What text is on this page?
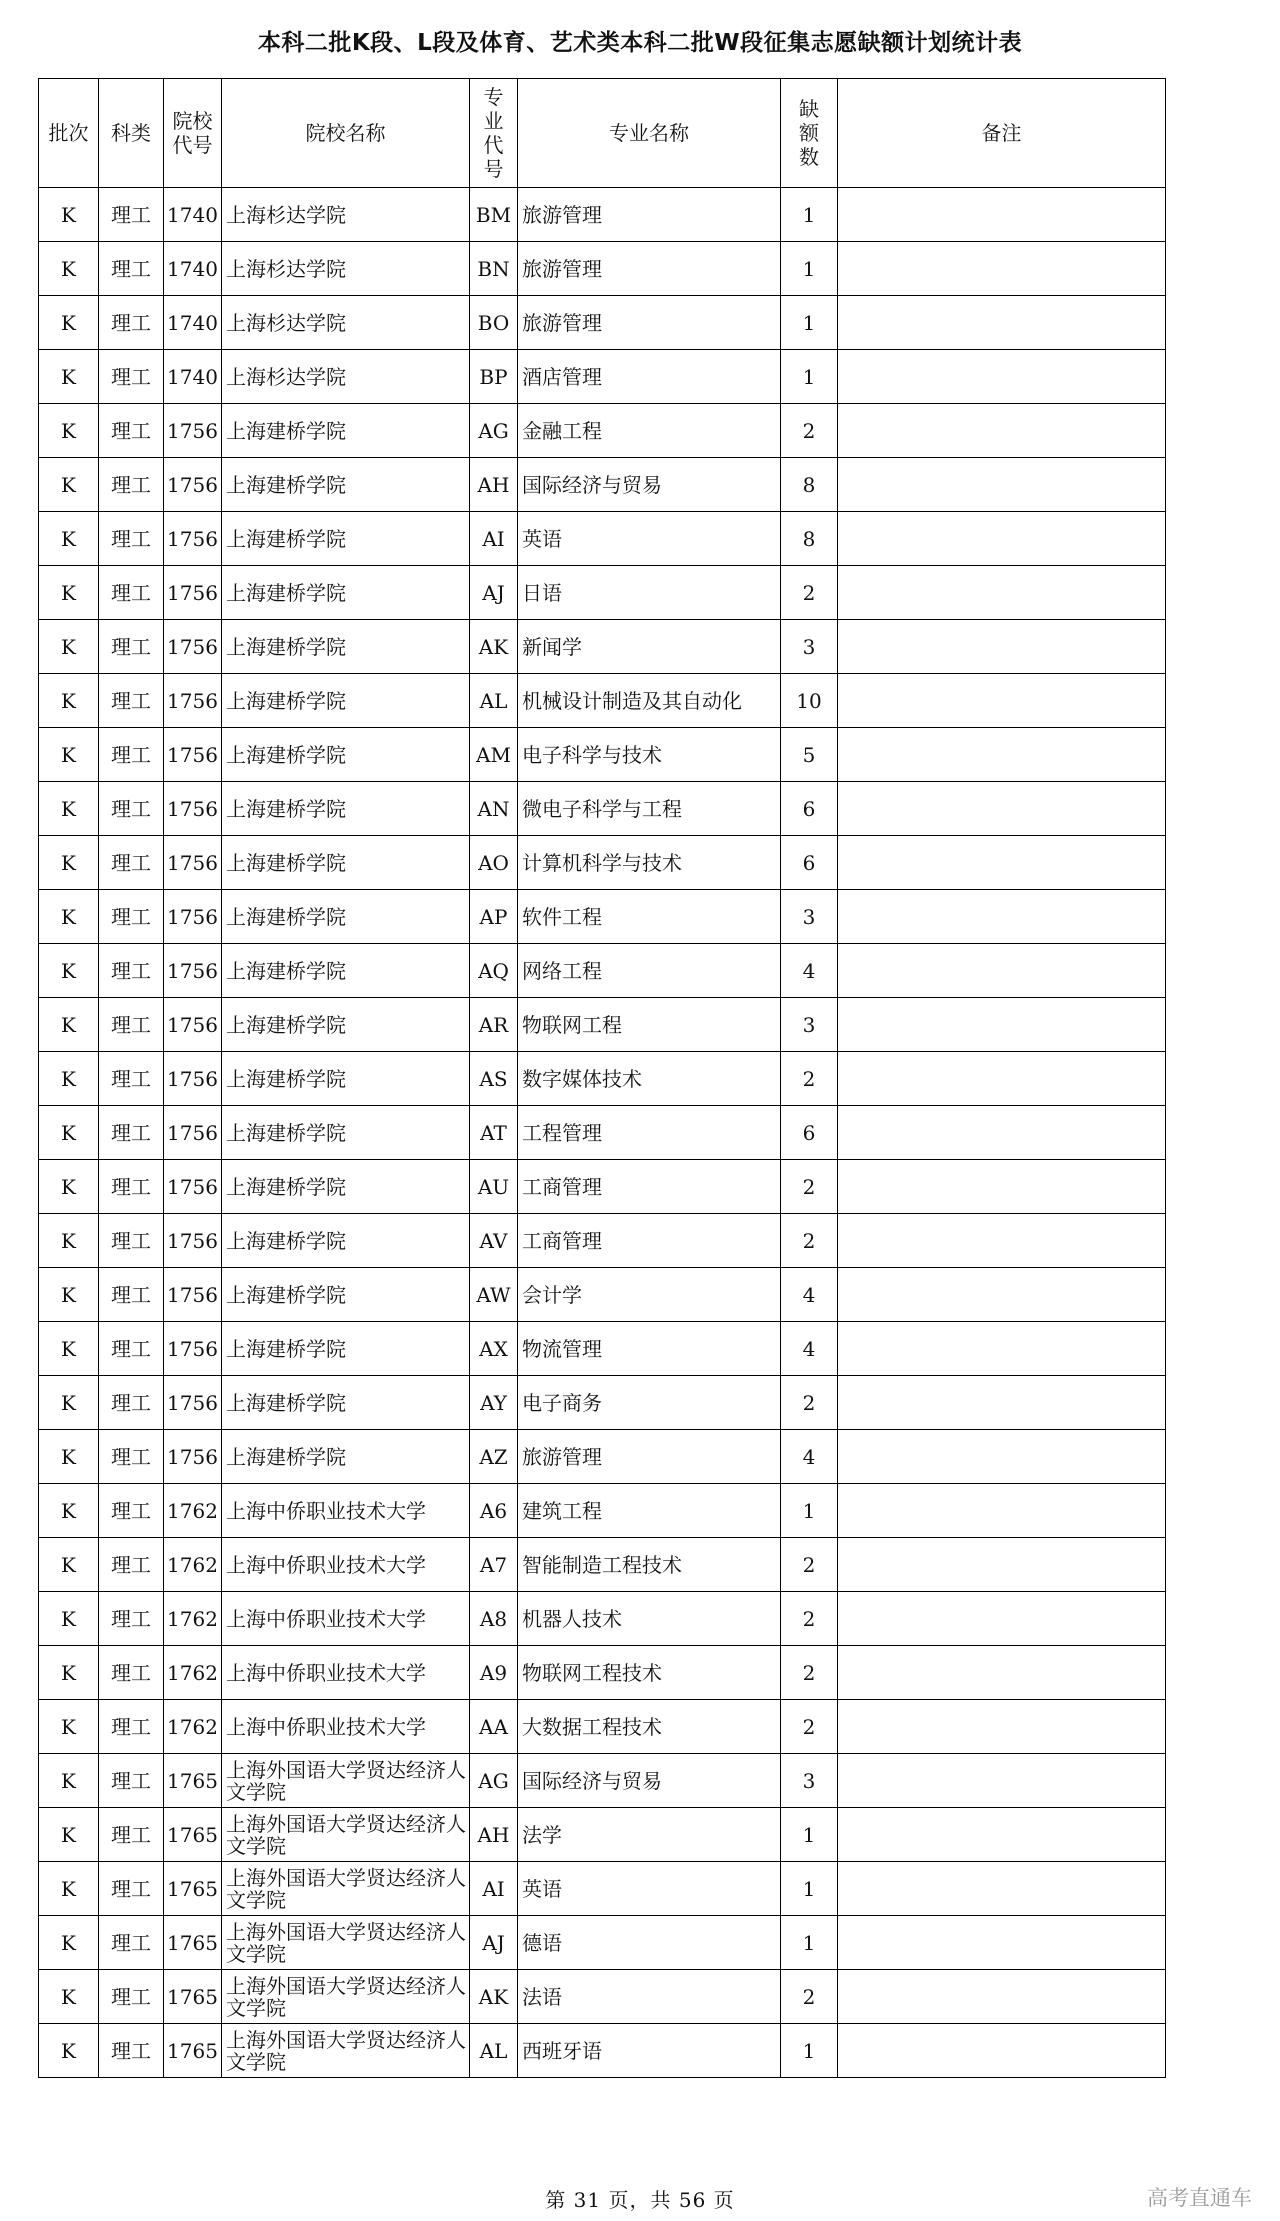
本科二批K段、L段及体育、艺术类本科二批W段征集志愿缺额计划统计表
批次	科类	院校代号	院校名称	专业代号	专业名称	缺额数	备注
K	理工	1740	上海杉达学院	BM	旅游管理	1	
K	理工	1740	上海杉达学院	BN	旅游管理	1	
K	理工	1740	上海杉达学院	BO	旅游管理	1	
K	理工	1740	上海杉达学院	BP	酒店管理	1	
K	理工	1756	上海建桥学院	AG	金融工程	2	
K	理工	1756	上海建桥学院	AH	国际经济与贸易	8	
K	理工	1756	上海建桥学院	AI	英语	8	
K	理工	1756	上海建桥学院	AJ	日语	2	
K	理工	1756	上海建桥学院	AK	新闻学	3	
K	理工	1756	上海建桥学院	AL	机械设计制造及其自动化	10	
K	理工	1756	上海建桥学院	AM	电子科学与技术	5	
K	理工	1756	上海建桥学院	AN	微电子科学与工程	6	
K	理工	1756	上海建桥学院	AO	计算机科学与技术	6	
K	理工	1756	上海建桥学院	AP	软件工程	3	
K	理工	1756	上海建桥学院	AQ	网络工程	4	
K	理工	1756	上海建桥学院	AR	物联网工程	3	
K	理工	1756	上海建桥学院	AS	数字媒体技术	2	
K	理工	1756	上海建桥学院	AT	工程管理	6	
K	理工	1756	上海建桥学院	AU	工商管理	2	
K	理工	1756	上海建桥学院	AV	工商管理	2	
K	理工	1756	上海建桥学院	AW	会计学	4	
K	理工	1756	上海建桥学院	AX	物流管理	4	
K	理工	1756	上海建桥学院	AY	电子商务	2	
K	理工	1756	上海建桥学院	AZ	旅游管理	4	
K	理工	1762	上海中侨职业技术大学	A6	建筑工程	1	
K	理工	1762	上海中侨职业技术大学	A7	智能制造工程技术	2	
K	理工	1762	上海中侨职业技术大学	A8	机器人技术	2	
K	理工	1762	上海中侨职业技术大学	A9	物联网工程技术	2	
K	理工	1762	上海中侨职业技术大学	AA	大数据工程技术	2	
K	理工	1765	上海外国语大学贤达经济人文学院	AG	国际经济与贸易	3	
K	理工	1765	上海外国语大学贤达经济人文学院	AH	法学	1	
K	理工	1765	上海外国语大学贤达经济人文学院	AI	英语	1	
K	理工	1765	上海外国语大学贤达经济人文学院	AJ	德语	1	
K	理工	1765	上海外国语大学贤达经济人文学院	AK	法语	2	
K	理工	1765	上海外国语大学贤达经济人文学院	AL	西班牙语	1	
第 31 页，共 56 页	高考直通车
